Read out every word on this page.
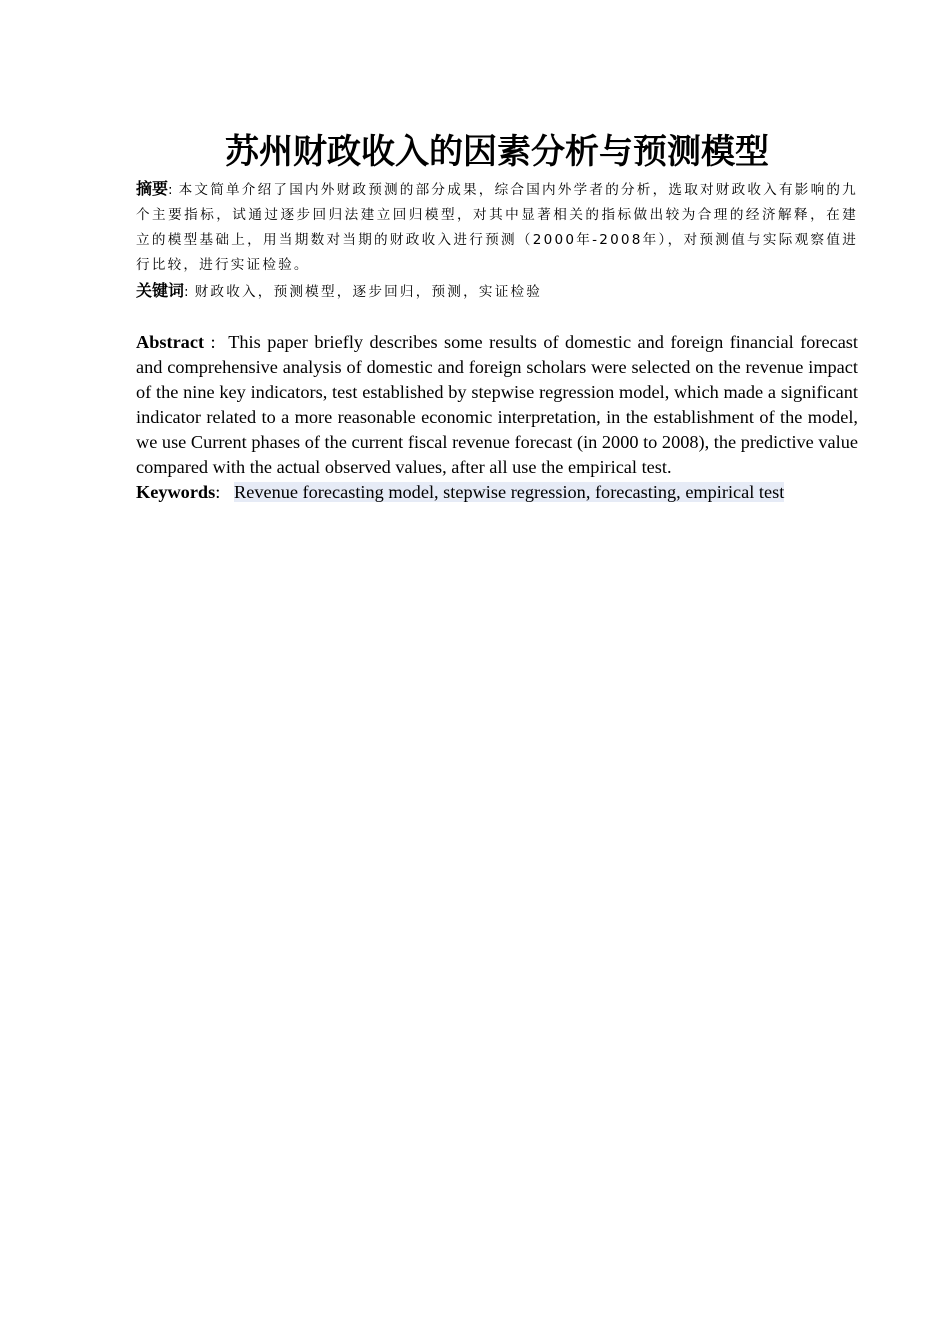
苏州财政收入的因素分析与预测模型

摘要: 本文简单介绍了国内外财政预测的部分成果，综合国内外学者的分析，选取对财政收入有影响的九个主要指标，试通过逐步回归法建立回归模型，对其中显著相关的指标做出较为合理的经济解释，在建立的模型基础上，用当期数对当期的财政收入进行预测（2000年-2008年），对预测值与实际观察值进行比较，进行实证检验。

关键词: 财政收入，预测模型，逐步回归，预测，实证检验

Abstract :  This paper briefly describes some results of domestic and foreign financial forecast and comprehensive analysis of domestic and foreign scholars were selected on the revenue impact of the nine key indicators, test established by stepwise regression model, which made a significant indicator related to a more reasonable economic interpretation, in the establishment of the model, we use Current phases of the current fiscal revenue forecast (in 2000 to 2008), the predictive value compared with the actual observed values, after all use the empirical test.

Keywords:   Revenue forecasting model, stepwise regression, forecasting, empirical test
